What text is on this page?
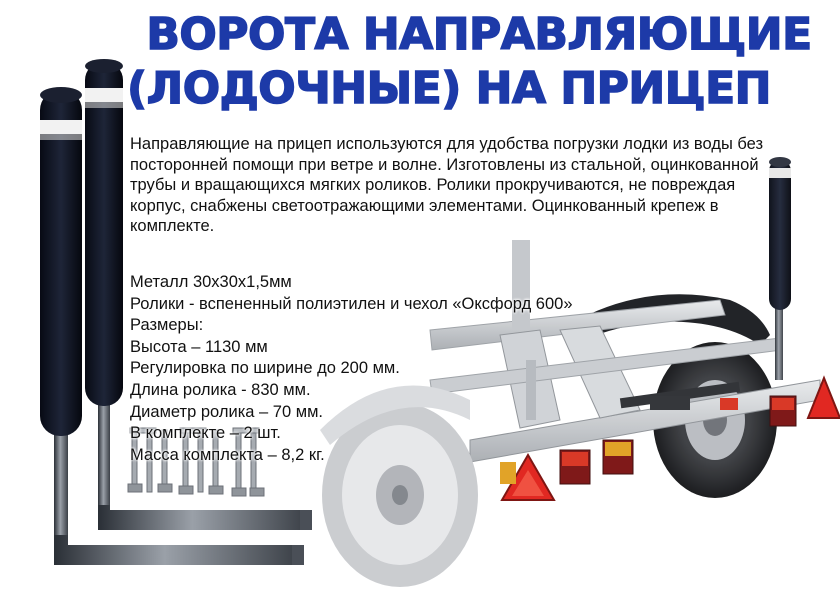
ВОРОТА НАПРАВЛЯЮЩИЕ
(ЛОДОЧНЫЕ) НА ПРИЦЕП

Направляющие на прицеп используются для удобства погрузки лодки из воды без посторонней помощи при ветре и волне. Изготовлены из стальной, оцинкованной трубы и вращающихся мягких роликов. Ролики прокручиваются, не повреждая корпус, снабжены светоотражающими элементами. Оцинкованный крепеж в комплекте.

Металл 30х30х1,5мм
Ролики - вспененный полиэтилен и чехол «Оксфорд 600»
Размеры:
Высота – 1130 мм
Регулировка по ширине до 200 мм.
Длина ролика - 830 мм.
Диаметр ролика – 70 мм.
В комплекте – 2 шт.
Масса комплекта – 8,2 кг.
